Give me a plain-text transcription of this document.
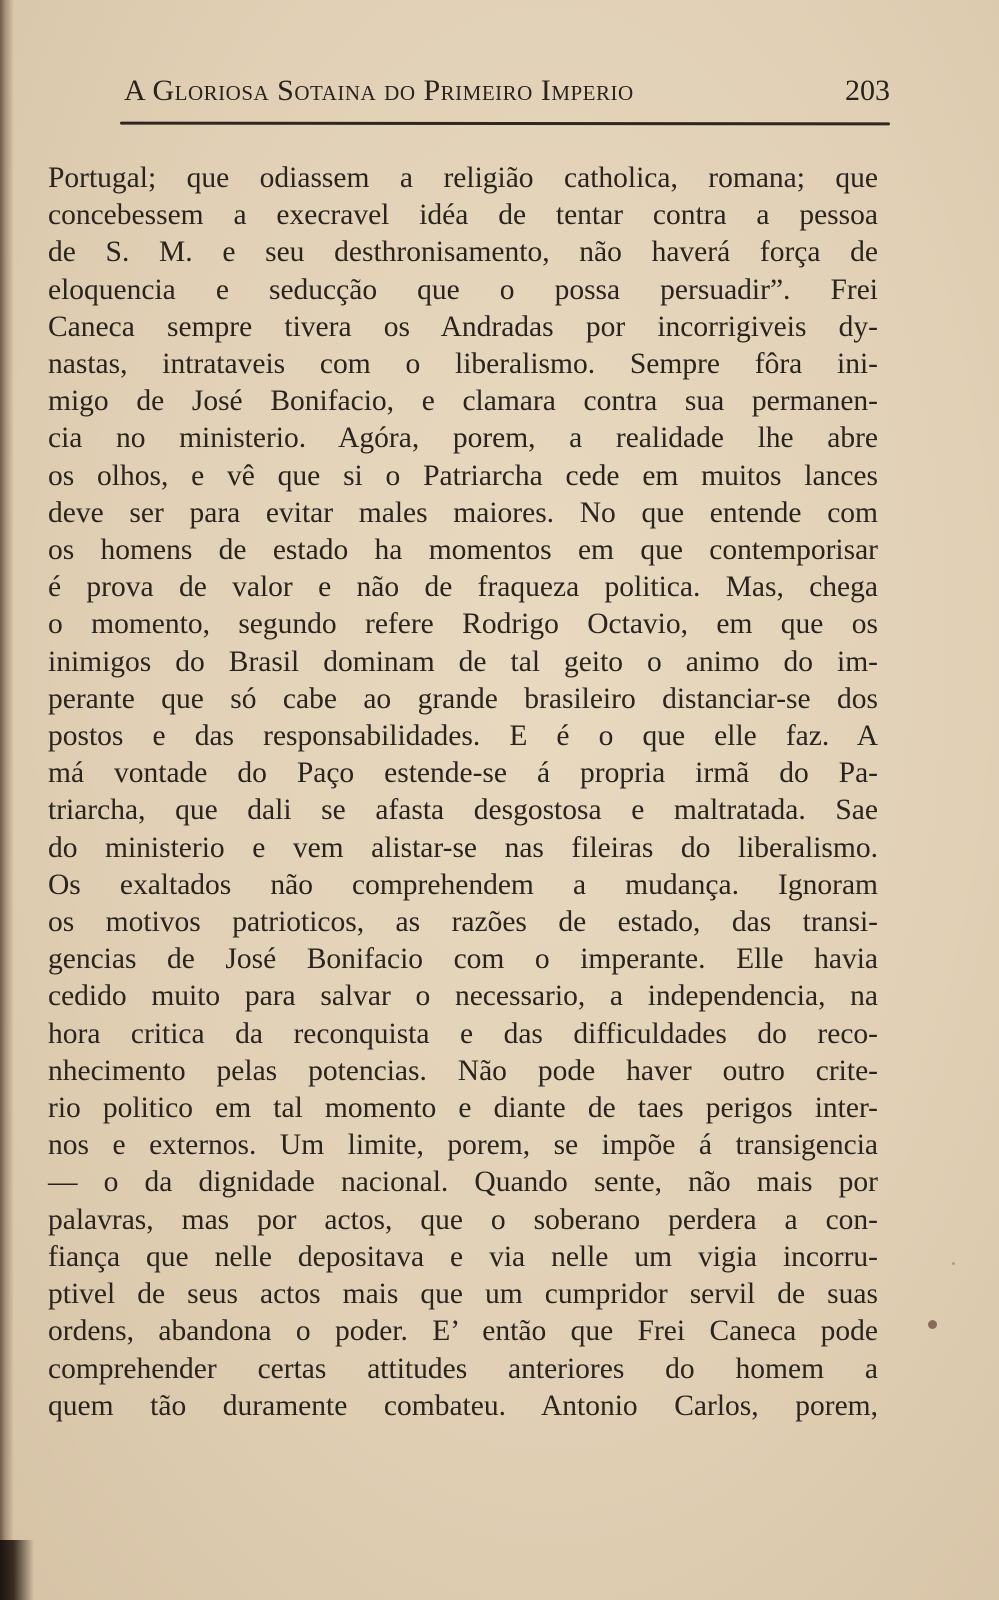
A Gloriosa Sotaina do Primeiro Imperio	203
Portugal; que odiassem a religião catholica, romana; que
concebessem a execravel idéa de tentar contra a pessoa
de S. M. e seu desthronisamento, não haverá força de
eloquencia e seducção que o possa persuadir”. Frei
Caneca sempre tivera os Andradas por incorrigiveis dy-
nastas, intrataveis com o liberalismo. Sempre fôra ini-
migo de José Bonifacio, e clamara contra sua permanen-
cia no ministerio. Agóra, porem, a realidade lhe abre
os olhos, e vê que si o Patriarcha cede em muitos lances
deve ser para evitar males maiores. No que entende com
os homens de estado ha momentos em que contemporisar
é prova de valor e não de fraqueza politica. Mas, chega
o momento, segundo refere Rodrigo Octavio, em que os
inimigos do Brasil dominam de tal geito o animo do im-
perante que só cabe ao grande brasileiro distanciar-se dos
postos e das responsabilidades. E é o que elle faz. A
má vontade do Paço estende-se á propria irmã do Pa-
triarcha, que dali se afasta desgostosa e maltratada. Sae
do ministerio e vem alistar-se nas fileiras do liberalismo.
Os exaltados não comprehendem a mudança. Ignoram
os motivos patrioticos, as razões de estado, das transi-
gencias de José Bonifacio com o imperante. Elle havia
cedido muito para salvar o necessario, a independencia, na
hora critica da reconquista e das difficuldades do reco-
nhecimento pelas potencias. Não pode haver outro crite-
rio politico em tal momento e diante de taes perigos inter-
nos e externos. Um limite, porem, se impõe á transigencia
— o da dignidade nacional. Quando sente, não mais por
palavras, mas por actos, que o soberano perdera a con-
fiança que nelle depositava e via nelle um vigia incorru-
ptivel de seus actos mais que um cumpridor servil de suas
ordens, abandona o poder. E’ então que Frei Caneca pode
comprehender certas attitudes anteriores do homem a
quem tão duramente combateu. Antonio Carlos, porem,
